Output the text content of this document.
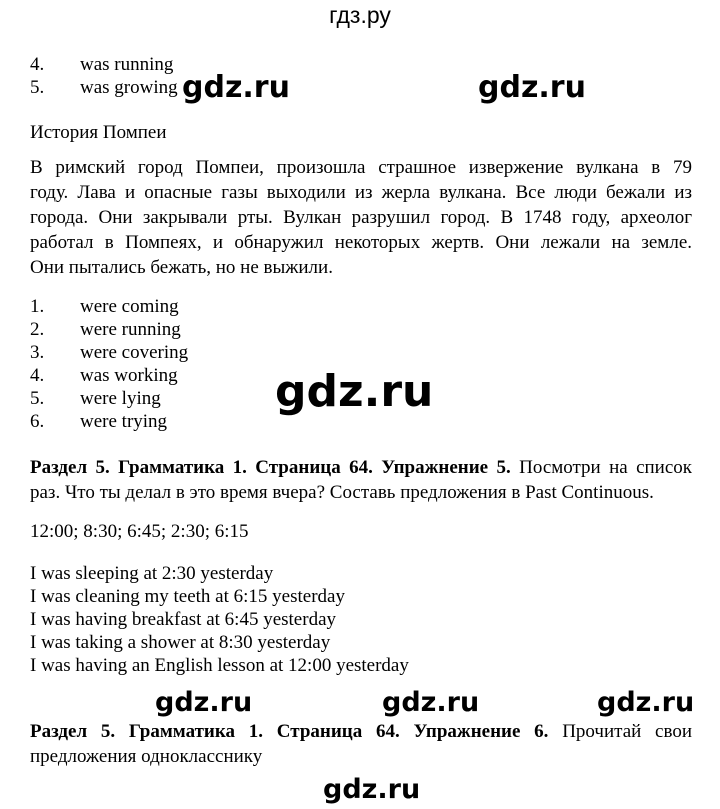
гдз.ру
4. was running
5. was growing gdz.ru	gdz.ru
История Помпеи
В римский город Помпеи, произошла страшное извержение вулкана в 79
году. Лава и опасные газы выходили из жерла вулкана. Все люди бежали из
города. Они закрывали рты. Вулкан разрушил город. В 1748 году, археолог
работал в Помпеях, и обнаружил некоторых жертв. Они лежали на земле.
Они пытались бежать, но не выжили.
1. were coming
2. were running
3. were covering
4. was working
5. were lying
6. were trying
gdz.ru
Раздел 5. Грамматика 1. Страница 64. Упражнение 5. Посмотри на список
раз. Что ты делал в это время вчера? Составь предложения в Past Continuous.
12:00; 8:30; 6:45; 2:30; 6:15
I was sleeping at 2:30 yesterday
I was cleaning my teeth at 6:15 yesterday
I was having breakfast at 6:45 yesterday
I was taking a shower at 8:30 yesterday
I was having an English lesson at 12:00 yesterday
gdz.ru	gdz.ru	gdz.ru
Раздел 5. Грамматика 1. Страница 64. Упражнение 6. Прочитай свои
предложения однокласснику
gdz.ru
